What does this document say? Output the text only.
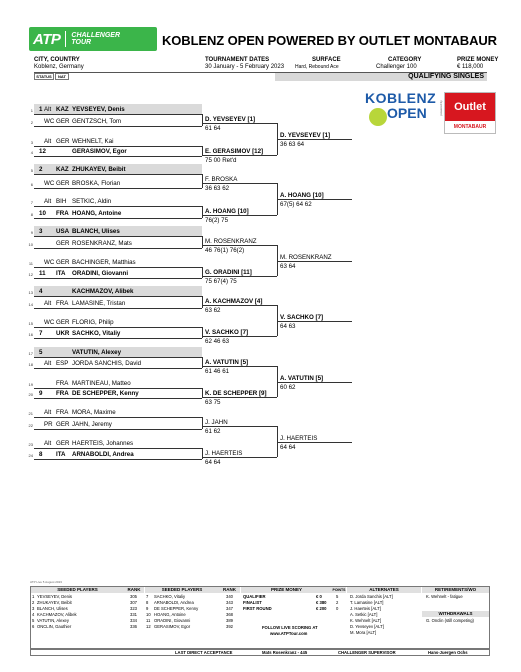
ATP CHALLENGER
TOUR	KOBLENZ OPEN POWERED BY OUTLET MONTABAUR
CITY, COUNTRY
Koblenz, Germany
TOURNAMENT DATES
30 January - 5 February 2023
SURFACE
Hard, Rebound Ace
CATEGORY
Challenger 100
PRIZE MONEY
€ 118,000
STATUS	NAT	QUALIFYING SINGLES
KOBLENZ
OPEN	powered by	Outlet
MONTABAUR
1 1 Alt KAZ YEVSEYEV, Denis
2 WC GER GENTZSCH, Tom
3 Alt GER WEHNELT, Kai
4 12	GERASIMOV, Egor
5 2 KAZ ZHUKAYEV, Beibit
6 WC GER BROSKA, Florian
7 Alt BIH SETKIC, Aldin
8 10 FRA HOANG, Antoine
9 3 USA BLANCH, Ulises
10	GER ROSENKRANZ, Mats
11 WC GER BACHINGER, Matthias
12 11 ITA ORADINI, Giovanni
13 4	KACHMAZOV, Alibek
14 Alt FRA LAMASINE, Tristan
15 WC GER FLORIG, Philip
16 7 UKR SACHKO, Vitaliy
17 5	VATUTIN, Alexey
18 Alt ESP JORDA SANCHIS, David
19	FRA MARTINEAU, Matteo
20 9 FRA DE SCHEPPER, Kenny
21 Alt FRA MORA, Maxime
22 PR GER JAHN, Jeremy
23 Alt GER HAERTEIS, Johannes
24 8 ITA ARNABOLDI, Andrea
D. YEVSEYEV [1]
61 64
E. GERASIMOV [12]
75 00 Ret'd
F. BROSKA
36 63 62
A. HOANG [10]
76(2) 75
M. ROSENKRANZ
46 76(1) 76(2)
G. ORADINI [11]
75 67(4) 75
A. KACHMAZOV [4]
63 62
V. SACHKO [7]
62 46 63
A. VATUTIN [5]
61 46 61
K. DE SCHEPPER [9]
63 75
J. JAHN
61 62
J. HAERTEIS
64 64
D. YEVSEYEV [1]
36 63 64
A. HOANG [10]
67(5) 64 62
M. ROSENKRANZ
63 64
V. SACHKO [7]
64 63
A. VATUTIN [5]
60 62
J. HAERTEIS
64 64
ATP Live 5 August 2023
SEEDED PLAYERS	RANK	SEEDED PLAYERS	RANK	PRIZE MONEY	POINTS	ALTERNATES	RETIREMENTS/WO
WITHDRAWALS
K. Wehnelt - fatigue
G. Onclin (still competing)
FOLLOW LIVE SCORING AT
www.ATPTour.com
1 YEVSEYEV, Denis	305 7 SACHKO, Vitaliy	340
2 ZHUKAYEV, Beibit	307 8 ARNABOLDI, Andrea	343
3 BLANCH, Ulises	323 9 DE SCHEPPER, Kenny	347
4 KACHMAZOV, Alibek	331 10 HOANG, Antoine	368
5 VATUTIN, Alexey	334 11 ORADINI, Giovanni	389
6 ONCLIN, Gauthier	336 12 GERASIMOV, Egor	392
QUALIFIER	€ 0	5
FINALIST	€ 380 2
FIRST ROUND	€ 200 0
D. Jorda Sanchis [ALT]
T. Lamasine [ALT]
J. Haerteis [ALT]
A. Setkic [ALT]
K. Wehnelt [ALT]
D. Yevseyev [ALT]
M. Mora [ALT]
LAST DIRECT ACCEPTANCE	Mats Rosenkranz - 445	CHALLENGER SUPERVISOR	Hans-Juergen Ochs
